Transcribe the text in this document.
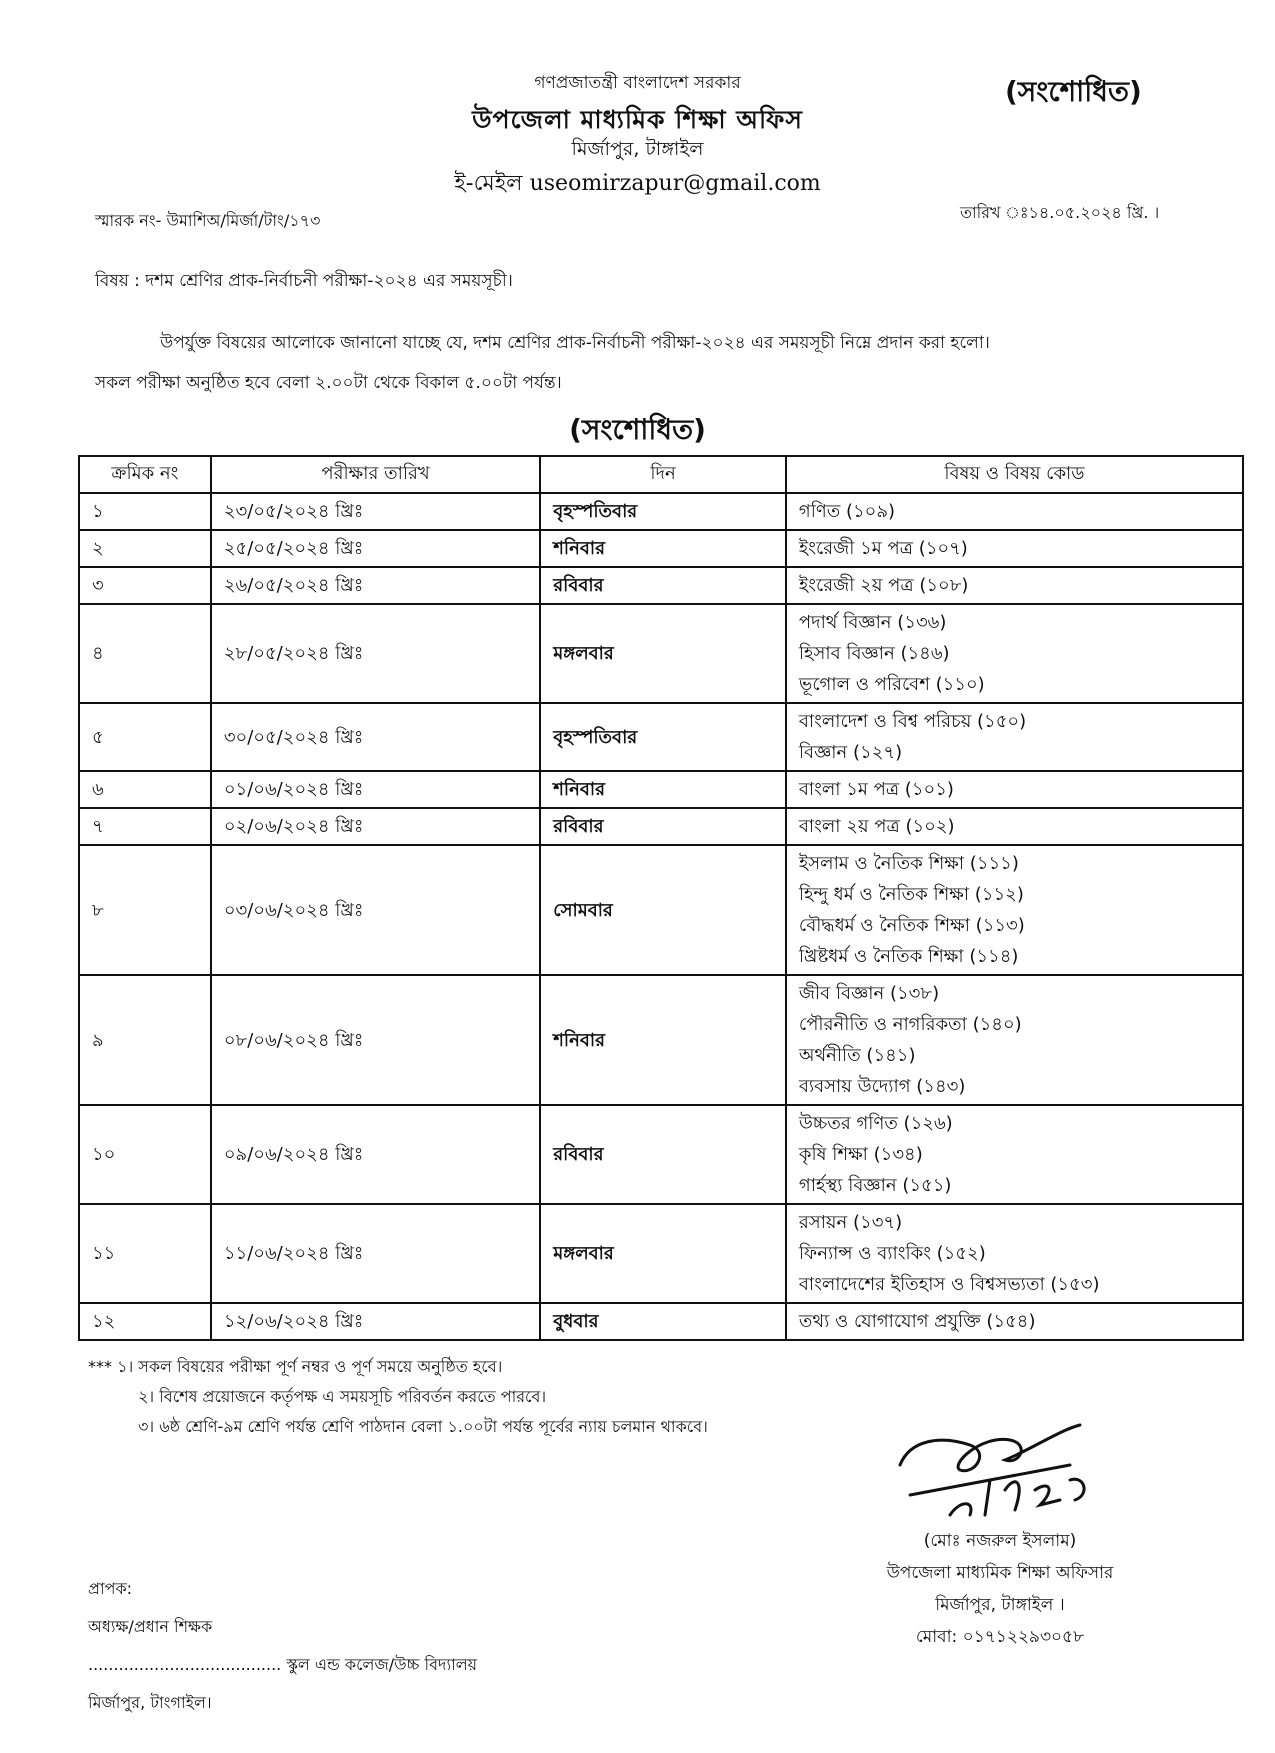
গণপ্রজাতন্ত্রী বাংলাদেশ সরকার
উপজেলা মাধ্যমিক শিক্ষা অফিস
মির্জাপুর, টাঙ্গাইল
ই-মেইল useomirzapur@gmail.com
(সংশোধিত)
স্মারক নং- উমাশিঅ/মির্জা/টাং/১৭৩	তারিখ ঃ১৪.০৫.২০২৪ খ্রি. ।
বিষয় : দশম শ্রেণির প্রাক-নির্বাচনী পরীক্ষা-২০২৪ এর সময়সূচী।
উপর্যুক্ত বিষয়ের আলোকে জানানো যাচ্ছে যে, দশম শ্রেণির প্রাক-নির্বাচনী পরীক্ষা-২০২৪ এর সময়সূচী নিম্নে প্রদান করা হলো।
সকল পরীক্ষা অনুষ্ঠিত হবে বেলা ২.০০টা থেকে বিকাল ৫.০০টা পর্যন্ত।
(সংশোধিত)
ক্রমিক নং	পরীক্ষার তারিখ	দিন	বিষয় ও বিষয় কোড
১	২৩/০৫/২০২৪ খ্রিঃ	বৃহস্পতিবার	গণিত (১০৯)

২	২৫/০৫/২০২৪ খ্রিঃ	শনিবার	ইংরেজী ১ম পত্র (১০৭)

৩	২৬/০৫/২০২৪ খ্রিঃ	রবিবার	ইংরেজী ২য় পত্র (১০৮)

৪	২৮/০৫/২০২৪ খ্রিঃ	মঙ্গলবার	পদার্থ বিজ্ঞান (১৩৬)
হিসাব বিজ্ঞান (১৪৬)
ভূগোল ও পরিবেশ (১১০)

৫	৩০/০৫/২০২৪ খ্রিঃ	বৃহস্পতিবার	বাংলাদেশ ও বিশ্ব পরিচয় (১৫০)
বিজ্ঞান (১২৭)

৬	০১/০৬/২০২৪ খ্রিঃ	শনিবার	বাংলা ১ম পত্র (১০১)

৭	০২/০৬/২০২৪ খ্রিঃ	রবিবার	বাংলা ২য় পত্র (১০২)

৮	০৩/০৬/২০২৪ খ্রিঃ	সোমবার	ইসলাম ও নৈতিক শিক্ষা (১১১)
হিন্দু ধর্ম ও নৈতিক শিক্ষা (১১২)
বৌদ্ধধর্ম ও নৈতিক শিক্ষা (১১৩)
খ্রিষ্টধর্ম ও নৈতিক শিক্ষা (১১৪)

৯	০৮/০৬/২০২৪ খ্রিঃ	শনিবার	জীব বিজ্ঞান (১৩৮)
পৌরনীতি ও নাগরিকতা (১৪০)
অর্থনীতি (১৪১)
ব্যবসায় উদ্যোগ (১৪৩)

১০	০৯/০৬/২০২৪ খ্রিঃ	রবিবার	উচ্চতর গণিত (১২৬)
কৃষি শিক্ষা (১৩৪)
গার্হস্থ্য বিজ্ঞান (১৫১)

১১	১১/০৬/২০২৪ খ্রিঃ	মঙ্গলবার	রসায়ন (১৩৭)
ফিন্যান্স ও ব্যাংকিং (১৫২)
বাংলাদেশের ইতিহাস ও বিশ্বসভ্যতা (১৫৩)

১২	১২/০৬/২০২৪ খ্রিঃ	বুধবার	তথ্য ও যোগাযোগ প্রযুক্তি (১৫৪)
*** ১। সকল বিষয়ের পরীক্ষা পূর্ণ নম্বর ও পূর্ণ সময়ে অনুষ্ঠিত হবে।
২। বিশেষ প্রয়োজনে কর্তৃপক্ষ এ সময়সূচি পরিবর্তন করতে পারবে।
৩। ৬ষ্ঠ শ্রেণি-৯ম শ্রেণি পর্যন্ত শ্রেণি পাঠদান বেলা ১.০০টা পর্যন্ত পূর্বের ন্যায় চলমান থাকবে।
(মোঃ নজরুল ইসলাম)
উপজেলা মাধ্যমিক শিক্ষা অফিসার
মির্জাপুর, টাঙ্গাইল ।
মোবা: ০১৭১২২৯৩০৫৮
প্রাপক:
অধ্যক্ষ/প্রধান শিক্ষক
...................................... স্কুল এন্ড কলেজ/উচ্চ বিদ্যালয়
মির্জাপুর, টাংগাইল।
